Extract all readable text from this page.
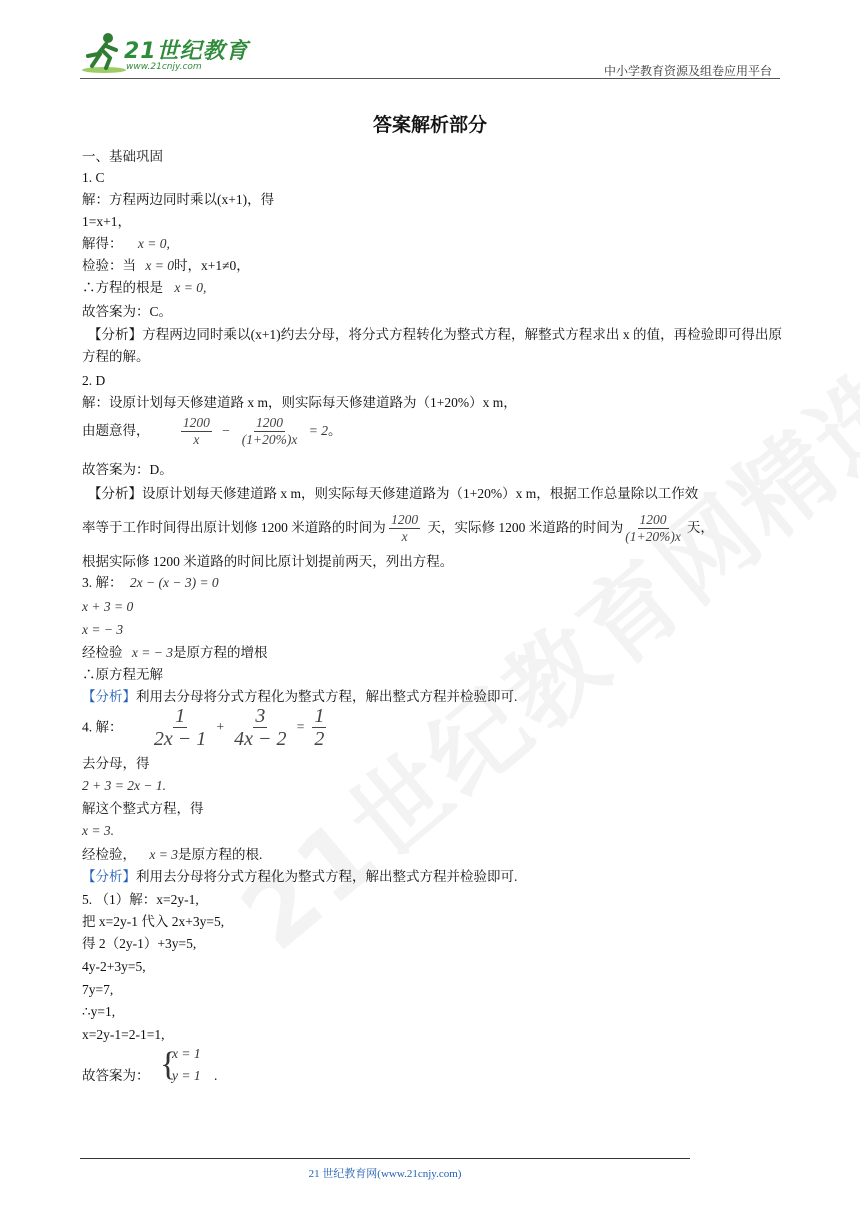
21世纪教育
www.21cnjy.com	中小学教育资源及组卷应用平台
答案解析部分
一、基础巩固
1. C
解：方程两边同时乘以(x+1)，得
1=x+1，
解得： x = 0,
检验：当 x = 0时，x+1≠0，
∴方程的根是 x = 0,
故答案为：C。
【分析】方程两边同时乘以(x+1)约去分母，将分式方程转化为整式方程，解整式方程求出 x 的值，再检验即可得出原方程的解。
2. D
解：设原计划每天修建道路 x m，则实际每天修建道路为（1+20%）x m，
由题意得， $\frac{1200}{x} - \frac{1200}{(1+20\%)x} = 2$。
故答案为：D。
【分析】设原计划每天修建道路 x m，则实际每天修建道路为（1+20%）x m，根据工作总量除以工作效
率等于工作时间得出原计划修 1200 米道路的时间为 $\frac{1200}{x}$ 天，实际修 1200 米道路的时间为 $\frac{1200}{(1+20\%)x}$ 天，
根据实际修 1200 米道路的时间比原计划提前两天，列出方程。
3. 解： 2x − (x − 3) = 0
x + 3 = 0
x = − 3
经检验 x = − 3是原方程的增根
∴原方程无解
【分析】利用去分母将分式方程化为整式方程，解出整式方程并检验即可.
4. 解： $\frac{1}{2x - 1} + \frac{3}{4x - 2} = \frac{1}{2}$
去分母，得
2 + 3 = 2x − 1.
解这个整式方程，得
x = 3.
经检验， x = 3是原方程的根.
【分析】利用去分母将分式方程化为整式方程，解出整式方程并检验即可.
5. （1）解：x=2y-1,
把 x=2y-1 代入 2x+3y=5,
得 2（2y-1）+3y=5,
4y-2+3y=5,
7y=7,
∴y=1,
x=2y-1=2-1=1,
故答案为： {
x = 1
y = 1 .
21 世纪教育网(www.21cnjy.com)
